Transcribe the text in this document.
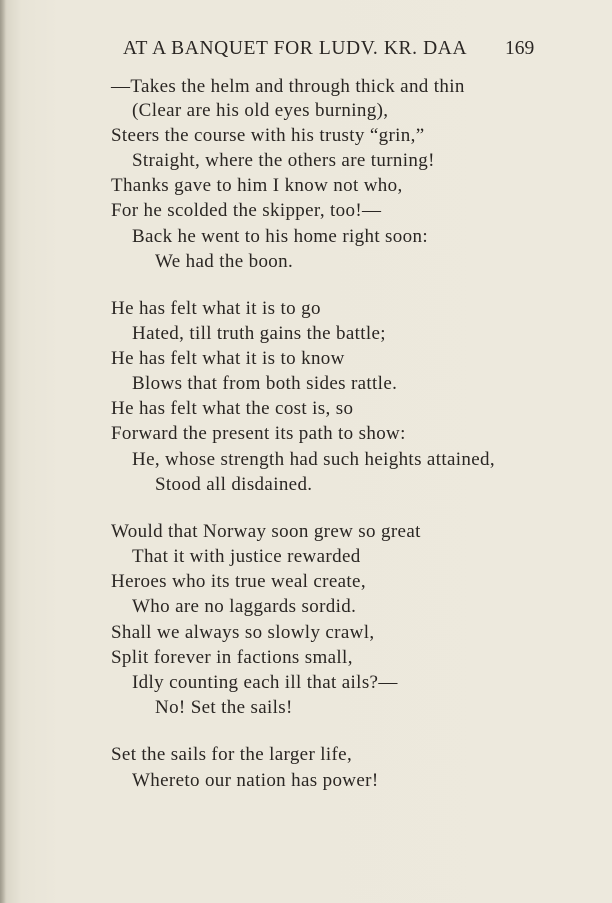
AT A BANQUET FOR LUDV. KR. DAA 169
—Takes the helm and through thick and thin
(Clear are his old eyes burning),
Steers the course with his trusty “grin,”
Straight, where the others are turning!
Thanks gave to him I know not who,
For he scolded the skipper, too!—
Back he went to his home right soon:
We had the boon.
He has felt what it is to go
Hated, till truth gains the battle;
He has felt what it is to know
Blows that from both sides rattle.
He has felt what the cost is, so
Forward the present its path to show:
He, whose strength had such heights attained,
Stood all disdained.
Would that Norway soon grew so great
That it with justice rewarded
Heroes who its true weal create,
Who are no laggards sordid.
Shall we always so slowly crawl,
Split forever in factions small,
Idly counting each ill that ails?—
No! Set the sails!
Set the sails for the larger life,
Whereto our nation has power!
